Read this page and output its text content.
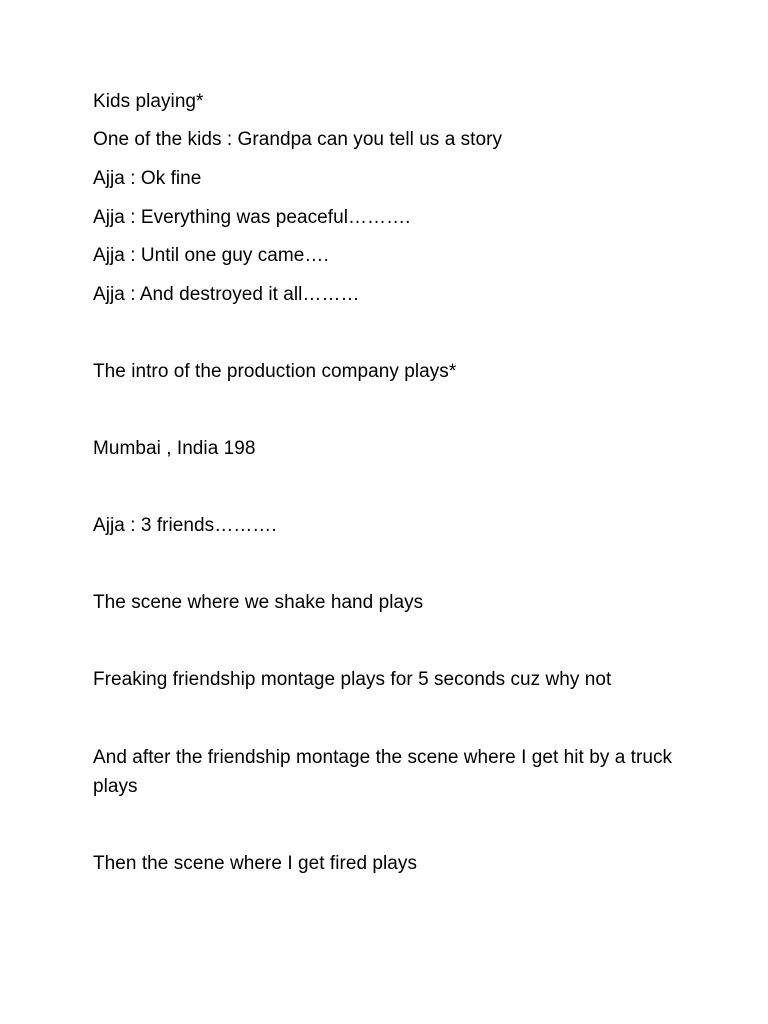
Kids playing*
One of the kids : Grandpa can you tell us a story
Ajja : Ok fine
Ajja : Everything was peaceful……….
Ajja : Until one guy came….
Ajja : And destroyed it all………
The intro of the production company plays*
Mumbai , India 198
Ajja : 3 friends……….
The scene where we shake hand plays
Freaking friendship montage plays for 5 seconds cuz why not
And after the friendship montage the scene where I get hit by a truck plays
Then the scene where I get fired plays
